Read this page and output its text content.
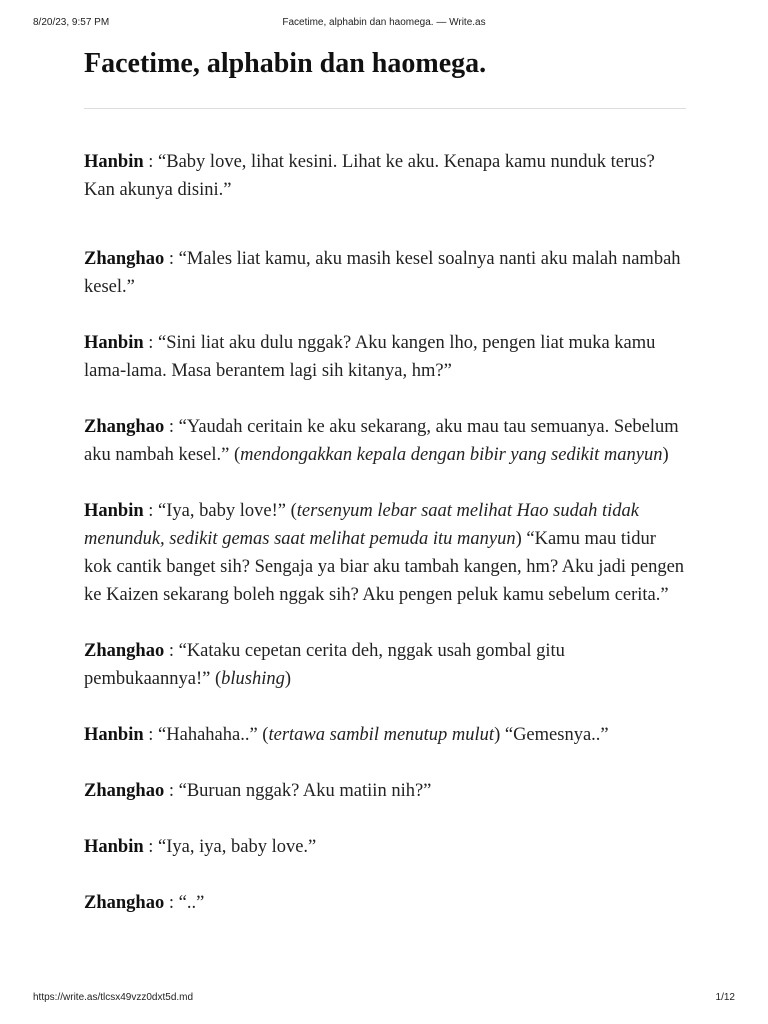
8/20/23, 9:57 PM	Facetime, alphabin dan haomega. — Write.as
Facetime, alphabin dan haomega.

Hanbin : “Baby love, lihat kesini. Lihat ke aku. Kenapa kamu nunduk terus? Kan akunya disini.”

Zhanghao : “Males liat kamu, aku masih kesel soalnya nanti aku malah nambah kesel.”

Hanbin : “Sini liat aku dulu nggak? Aku kangen lho, pengen liat muka kamu lama-lama. Masa berantem lagi sih kitanya, hm?”

Zhanghao : “Yaudah ceritain ke aku sekarang, aku mau tau semuanya. Sebelum aku nambah kesel.” (mendongakkan kepala dengan bibir yang sedikit manyun)

Hanbin : “Iya, baby love!” (tersenyum lebar saat melihat Hao sudah tidak menunduk, sedikit gemas saat melihat pemuda itu manyun) “Kamu mau tidur kok cantik banget sih? Sengaja ya biar aku tambah kangen, hm? Aku jadi pengen ke Kaizen sekarang boleh nggak sih? Aku pengen peluk kamu sebelum cerita.”

Zhanghao : “Kataku cepetan cerita deh, nggak usah gombal gitu pembukaannya!” (blushing)

Hanbin : “Hahahaha..” (tertawa sambil menutup mulut) “Gemesnya..”

Zhanghao : “Buruan nggak? Aku matiin nih?”

Hanbin : “Iya, iya, baby love.”

Zhanghao : “..”

https://write.as/tlcsx49vzz0dxt5d.md	1/12
